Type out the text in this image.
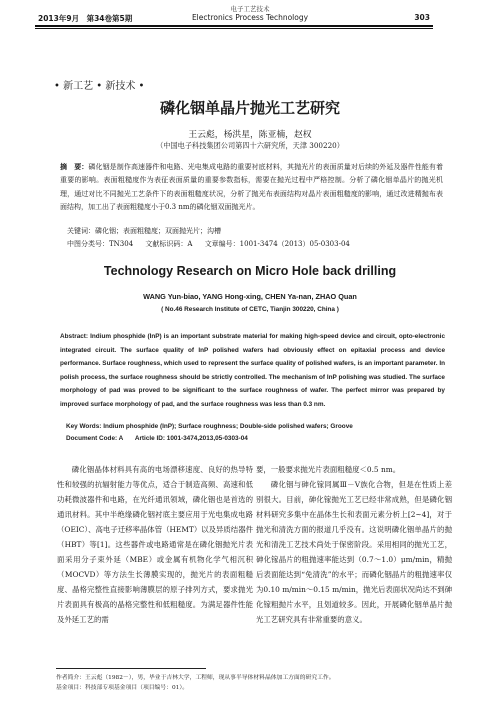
电子工艺技术
2013年9月　第34卷第5期	Electronics Process Technology	303
• 新工艺 • 新技术 •
磷化铟单晶片抛光工艺研究
王云彪，杨洪星，陈亚楠，赵权
（中国电子科技集团公司第四十六研究所，天津 300220）
摘　要：磷化铟是制作高速器件和电路、光电集成电路的重要衬底材料，其抛光片的表面质量对后续的外延及器件性能有着重要的影响。表面粗糙度作为表征表面质量的重要参数指标，需要在抛光过程中严格控制。分析了磷化铟单晶片的抛光机理，通过对比不同抛光工艺条件下的表面粗糙度状况，分析了抛光布表面结构对晶片表面粗糙度的影响，通过改进精抛布表面结构，加工出了表面粗糙度小于0.3 nm的磷化铟双面抛光片。
关键词：磷化铟；表面粗糙度；双面抛光片；沟槽
中图分类号：TN304 文献标识码：A 文章编号：1001-3474（2013）05-0303-04
Technology Research on Micro Hole back drilling
WANG Yun-biao, YANG Hong-xing, CHEN Ya-nan, ZHAO Quan
( No.46 Research Institute of CETC, Tianjin 300220, China )
Abstract: Indium phosphide (InP) is an important substrate material for making high-speed device and circuit, opto-electronic integrated circuit. The surface quality of InP polished wafers had obviously effect on epitaxial process and device performance. Surface roughness, which used to represent the surface quality of polished wafers, is an important parameter. In polish process, the surface roughness should be strictly controlled. The mechanism of InP polishing was studied. The surface morphology of pad was proved to be significant to the surface roughness of wafer. The perfect mirror was prepared by improved surface morphology of pad, and the surface roughness was less than 0.3 nm.
Key Words: Indium phosphide (InP); Surface roughness; Double-side polished wafers; Groove
Document Code: A Article ID: 1001-3474,2013,05-0303-04

磷化铟晶体材料具有高的电场漂移速度、良好的热导特性和较强的抗辐射能力等优点，适合于制造高频、高速和低功耗微波器件和电路，在光纤通讯领域，磷化铟也是首选的通讯材料。其中半绝缘磷化铟衬底主要应用于光电集成电路（OEIC）、高电子迁移率晶体管（HEMT）以及异质结器件（HBT）等[1]。这些器件或电路通常是在磷化铟抛光片表面采用分子束外延（MBE）或金属有机物化学气相沉积（MOCVD）等方法生长薄膜实现的，抛光片的表面粗糙度、晶格完整性直接影响薄膜层的原子排列方式，要求抛光片表面具有极高的晶格完整性和低粗糙度。为满足器件性能及外延工艺的需

要，一般要求抛光片表面粗糙度＜0.5 nm。

磷化铟与砷化镓同属Ⅲ－Ⅴ族化合物，但是在性质上差别很大。目前，砷化镓抛光工艺已经非常成熟，但是磷化铟材料研究多集中在晶体生长和表面元素分析上[2~4]，对于抛光和清洗方面的报道几乎没有。这说明磷化铟单晶片的抛光和清洗工艺技术尚处于保密阶段。采用相同的抛光工艺，砷化镓晶片的粗抛速率能达到（0.7～1.0）μm/min，精抛后表面能达到“免清洗”的水平；而磷化铟晶片的粗抛速率仅为0.10 m/min～0.15 m/min，抛光后表面状况尚达不到砷化镓粗抛片水平，且划道较多。因此，开展磷化铟单晶片抛光工艺研究具有非常重要的意义。

作者简介：王云彪（1982－），男，毕业于吉林大学，工程师，现从事半导体材料晶体加工方面的研究工作。
基金项目：科技部专项基金项目（项目编号：01）。
